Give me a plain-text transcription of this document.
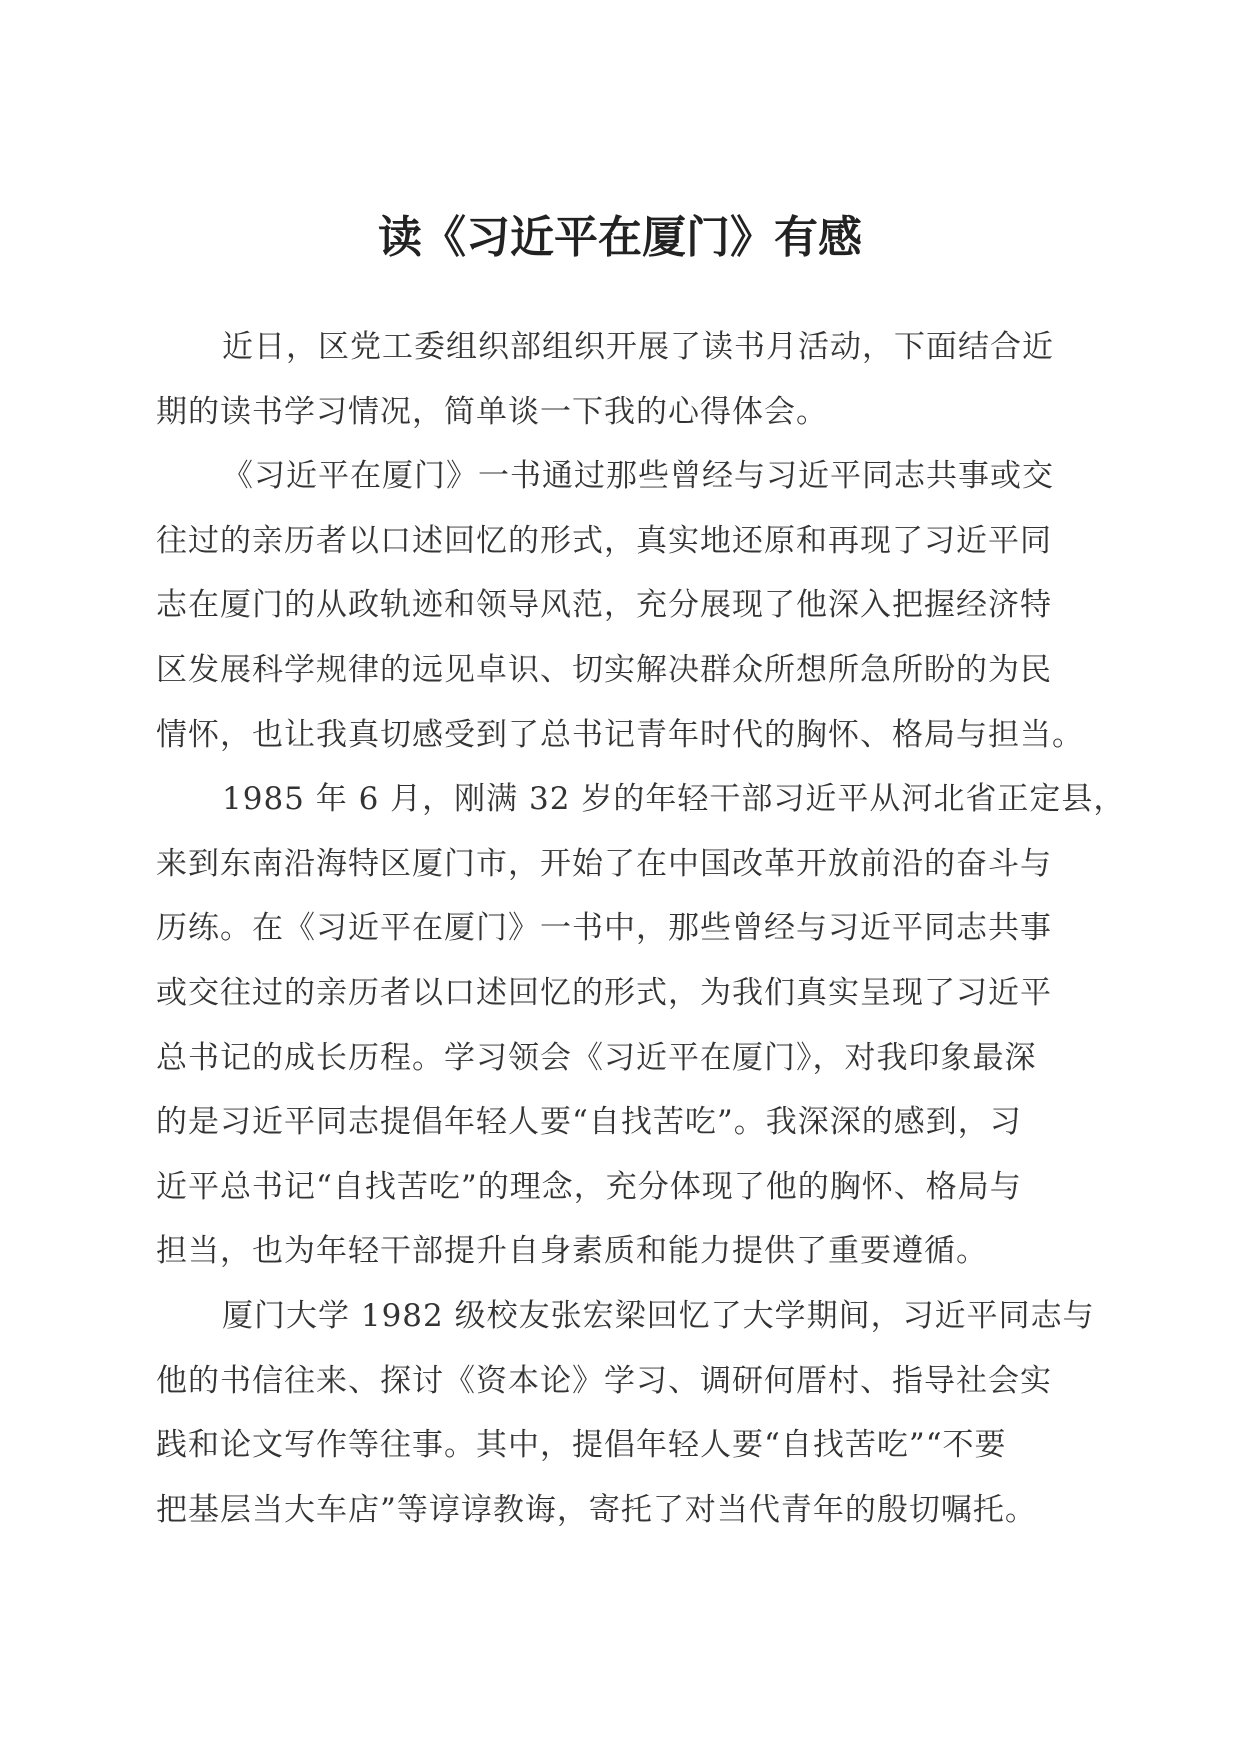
读《习近平在厦门》有感
近日，区党工委组织部组织开展了读书月活动，下面结合近
期的读书学习情况，简单谈一下我的心得体会。
《习近平在厦门》一书通过那些曾经与习近平同志共事或交
往过的亲历者以口述回忆的形式，真实地还原和再现了习近平同
志在厦门的从政轨迹和领导风范，充分展现了他深入把握经济特
区发展科学规律的远见卓识、切实解决群众所想所急所盼的为民
情怀，也让我真切感受到了总书记青年时代的胸怀、格局与担当。
1985 年 6 月，刚满 32 岁的年轻干部习近平从河北省正定县，
来到东南沿海特区厦门市，开始了在中国改革开放前沿的奋斗与
历练。在《习近平在厦门》一书中，那些曾经与习近平同志共事
或交往过的亲历者以口述回忆的形式，为我们真实呈现了习近平
总书记的成长历程。学习领会《习近平在厦门》，对我印象最深
的是习近平同志提倡年轻人要“自找苦吃”。我深深的感到，习
近平总书记“自找苦吃”的理念，充分体现了他的胸怀、格局与
担当，也为年轻干部提升自身素质和能力提供了重要遵循。
厦门大学 1982 级校友张宏梁回忆了大学期间，习近平同志与
他的书信往来、探讨《资本论》学习、调研何厝村、指导社会实
践和论文写作等往事。其中，提倡年轻人要“自找苦吃”“不要
把基层当大车店”等谆谆教诲，寄托了对当代青年的殷切嘱托。
